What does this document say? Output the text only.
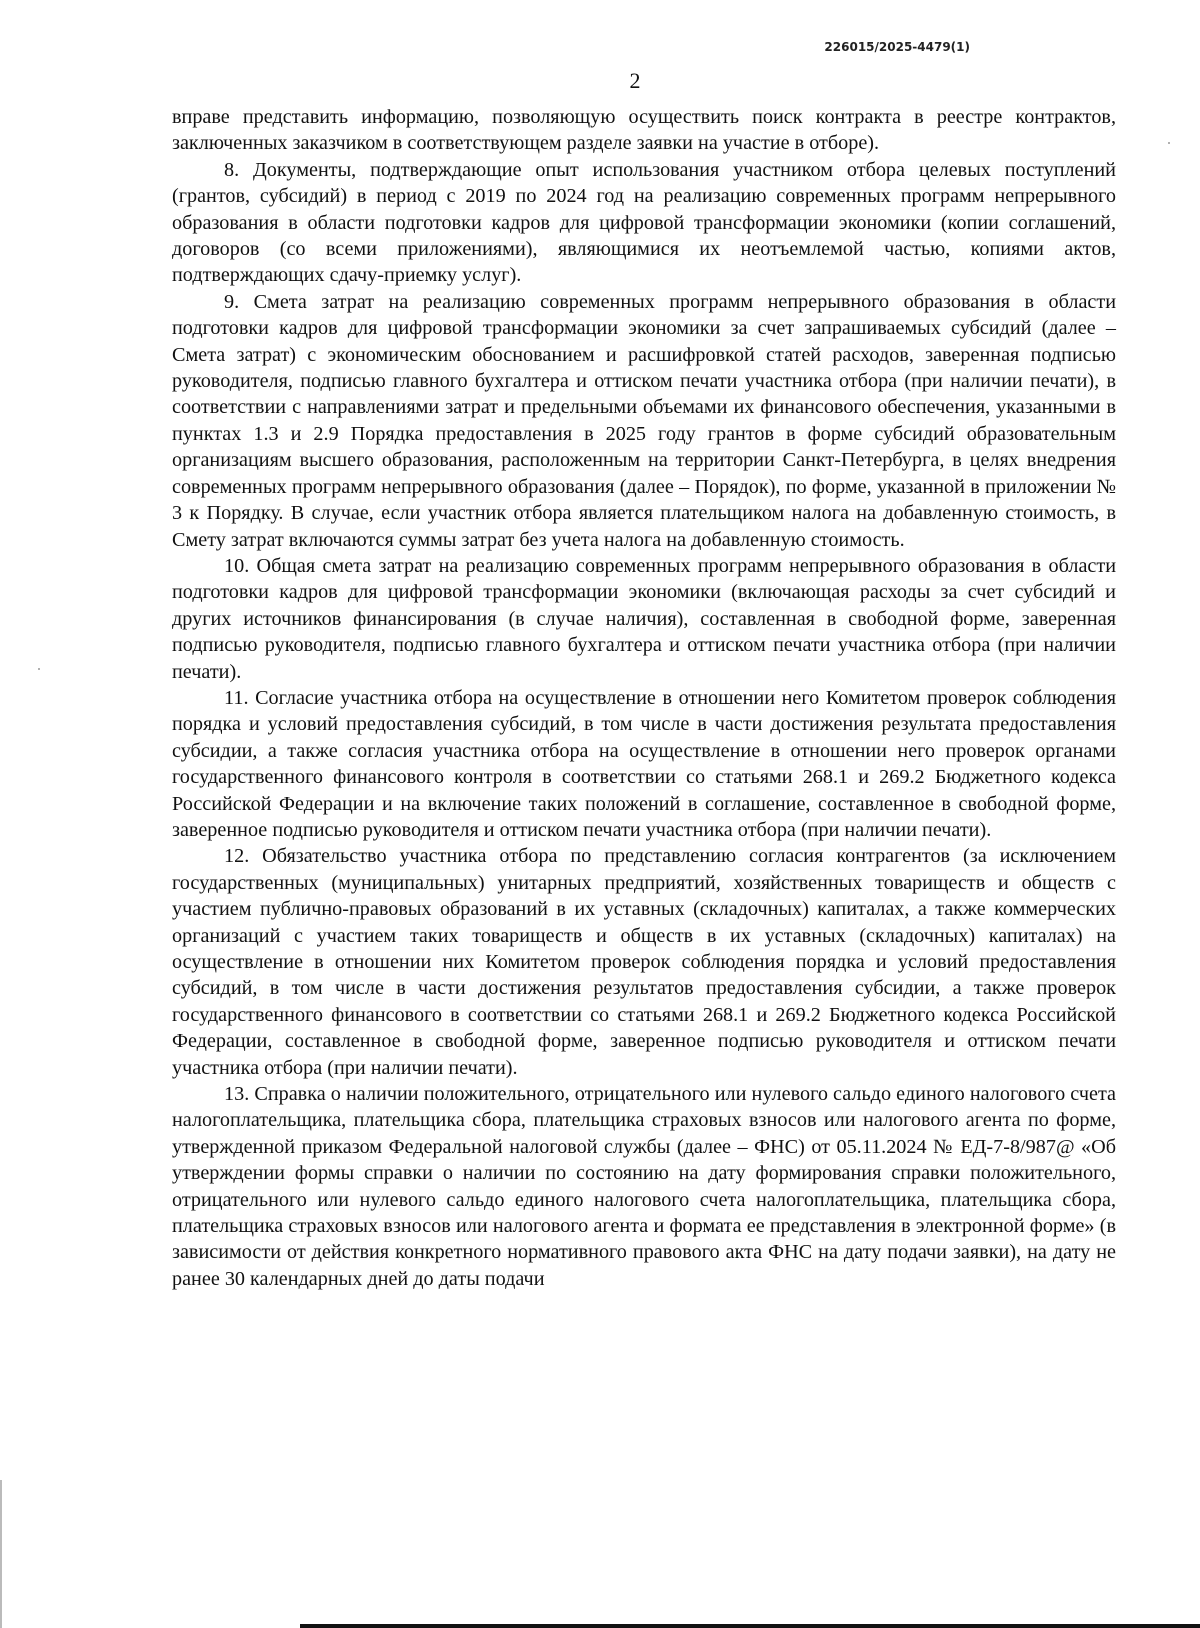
226015/2025-4479(1)
2

вправе представить информацию, позволяющую осуществить поиск контракта в реестре контрактов, заключенных заказчиком в соответствующем разделе заявки на участие в отборе).

8. Документы, подтверждающие опыт использования участником отбора целевых поступлений (грантов, субсидий) в период с 2019 по 2024 год на реализацию современных программ непрерывного образования в области подготовки кадров для цифровой трансформации экономики (копии соглашений, договоров (со всеми приложениями), являющимися их неотъемлемой частью, копиями актов, подтверждающих сдачу-приемку услуг).

9. Смета затрат на реализацию современных программ непрерывного образования в области подготовки кадров для цифровой трансформации экономики за счет запрашиваемых субсидий (далее – Смета затрат) с экономическим обоснованием и расшифровкой статей расходов, заверенная подписью руководителя, подписью главного бухгалтера и оттиском печати участника отбора (при наличии печати), в соответствии с направлениями затрат и предельными объемами их финансового обеспечения, указанными в пунктах 1.3 и 2.9 Порядка предоставления в 2025 году грантов в форме субсидий образовательным организациям высшего образования, расположенным на территории Санкт-Петербурга, в целях внедрения современных программ непрерывного образования (далее – Порядок), по форме, указанной в приложении № 3 к Порядку. В случае, если участник отбора является плательщиком налога на добавленную стоимость, в Смету затрат включаются суммы затрат без учета налога на добавленную стоимость.

10. Общая смета затрат на реализацию современных программ непрерывного образования в области подготовки кадров для цифровой трансформации экономики (включающая расходы за счет субсидий и других источников финансирования (в случае наличия), составленная в свободной форме, заверенная подписью руководителя, подписью главного бухгалтера и оттиском печати участника отбора (при наличии печати).

11. Согласие участника отбора на осуществление в отношении него Комитетом проверок соблюдения порядка и условий предоставления субсидий, в том числе в части достижения результата предоставления субсидии, а также согласия участника отбора на осуществление в отношении него проверок органами государственного финансового контроля в соответствии со статьями 268.1 и 269.2 Бюджетного кодекса Российской Федерации и на включение таких положений в соглашение, составленное в свободной форме, заверенное подписью руководителя и оттиском печати участника отбора (при наличии печати).

12. Обязательство участника отбора по представлению согласия контрагентов (за исключением государственных (муниципальных) унитарных предприятий, хозяйственных товариществ и обществ с участием публично-правовых образований в их уставных (складочных) капиталах, а также коммерческих организаций с участием таких товариществ и обществ в их уставных (складочных) капиталах) на осуществление в отношении них Комитетом проверок соблюдения порядка и условий предоставления субсидий, в том числе в части достижения результатов предоставления субсидии, а также проверок государственного финансового в соответствии со статьями 268.1 и 269.2 Бюджетного кодекса Российской Федерации, составленное в свободной форме, заверенное подписью руководителя и оттиском печати участника отбора (при наличии печати).

13. Справка о наличии положительного, отрицательного или нулевого сальдо единого налогового счета налогоплательщика, плательщика сбора, плательщика страховых взносов или налогового агента по форме, утвержденной приказом Федеральной налоговой службы (далее – ФНС) от 05.11.2024 № ЕД-7-8/987@ «Об утверждении формы справки о наличии по состоянию на дату формирования справки положительного, отрицательного или нулевого сальдо единого налогового счета налогоплательщика, плательщика сбора, плательщика страховых взносов или налогового агента и формата ее представления в электронной форме» (в зависимости от действия конкретного нормативного правового акта ФНС на дату подачи заявки), на дату не ранее 30 календарных дней до даты подачи
